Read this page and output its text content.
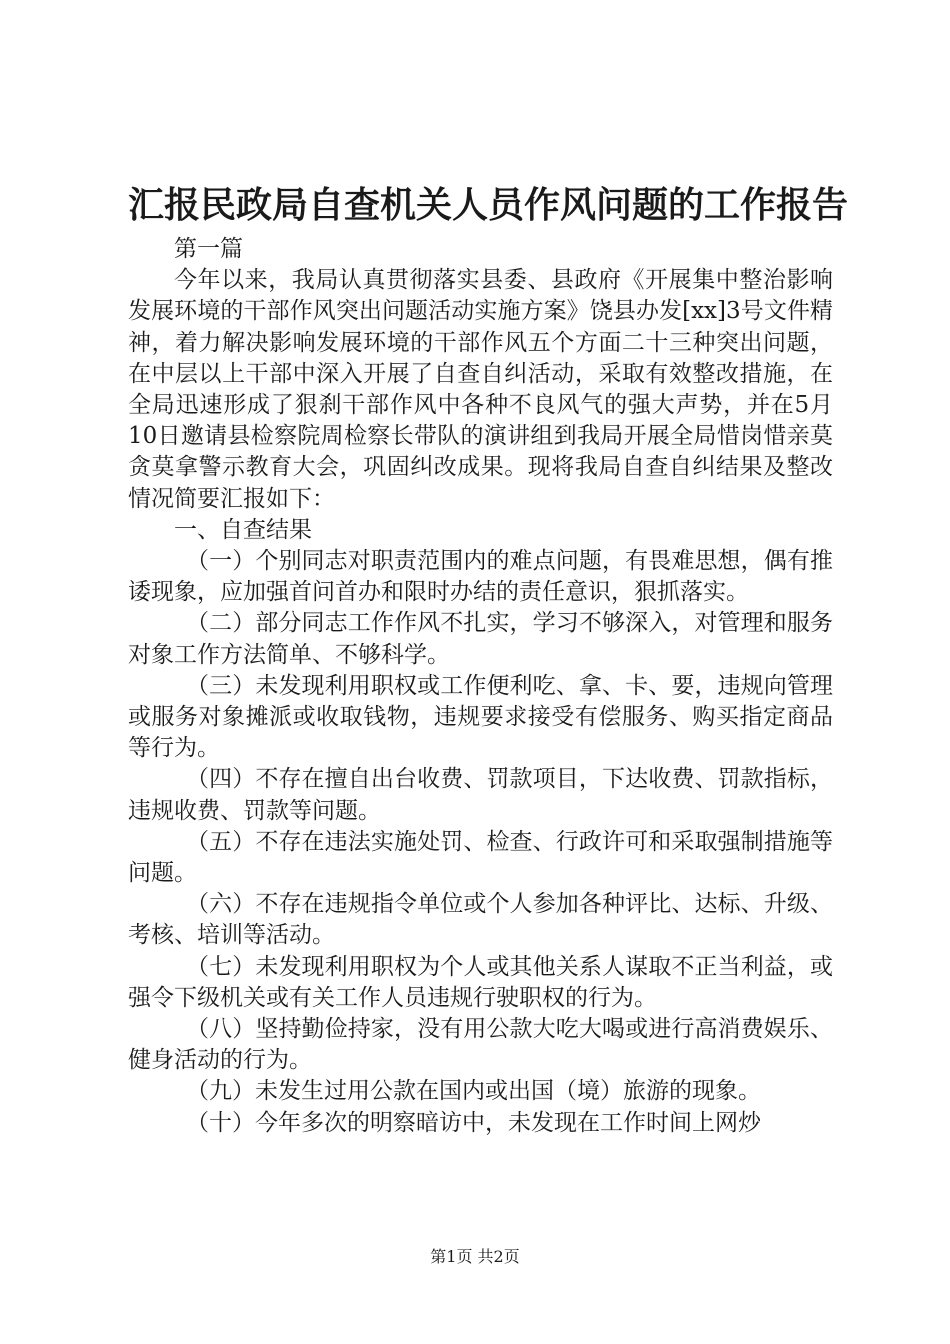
汇报民政局自查机关人员作风问题的工作报告

第一篇

今年以来，我局认真贯彻落实县委、县政府《开展集中整治影响发展环境的干部作风突出问题活动实施方案》饶县办发[xx]3号文件精神，着力解决影响发展环境的干部作风五个方面二十三种突出问题，在中层以上干部中深入开展了自查自纠活动，采取有效整改措施，在全局迅速形成了狠刹干部作风中各种不良风气的强大声势，并在5月10日邀请县检察院周检察长带队的演讲组到我局开展全局惜岗惜亲莫贪莫拿警示教育大会，巩固纠改成果。现将我局自查自纠结果及整改情况简要汇报如下：

一、自查结果

（一）个别同志对职责范围内的难点问题，有畏难思想，偶有推诿现象，应加强首问首办和限时办结的责任意识，狠抓落实。

（二）部分同志工作作风不扎实，学习不够深入，对管理和服务对象工作方法简单、不够科学。

（三）未发现利用职权或工作便利吃、拿、卡、要，违规向管理或服务对象摊派或收取钱物，违规要求接受有偿服务、购买指定商品等行为。

（四）不存在擅自出台收费、罚款项目，下达收费、罚款指标，违规收费、罚款等问题。

（五）不存在违法实施处罚、检查、行政许可和采取强制措施等问题。

（六）不存在违规指令单位或个人参加各种评比、达标、升级、考核、培训等活动。

（七）未发现利用职权为个人或其他关系人谋取不正当利益，或强令下级机关或有关工作人员违规行驶职权的行为。

（八）坚持勤俭持家，没有用公款大吃大喝或进行高消费娱乐、健身活动的行为。

（九）未发生过用公款在国内或出国（境）旅游的现象。

（十）今年多次的明察暗访中，未发现在工作时间上网炒

第1页 共2页
